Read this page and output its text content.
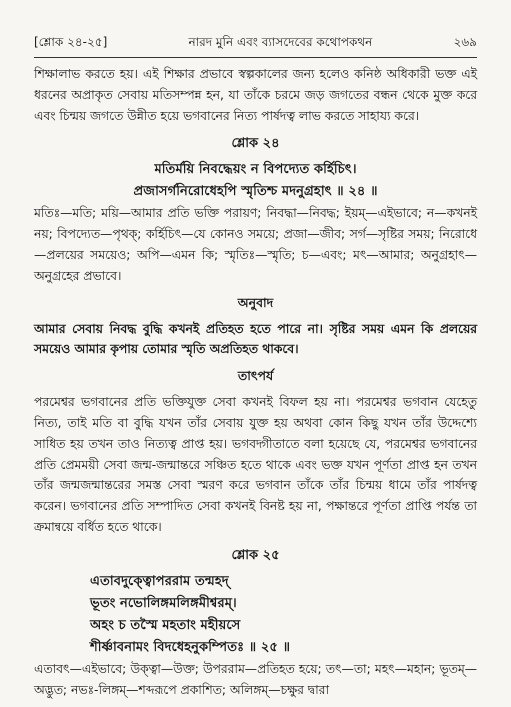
[শ্লোক ২৪-২৫]	নারদ মুনি এবং ব্যাসদেবের কথোপকথন	২৬৯

শিক্ষালাভ করতে হয়। এই শিক্ষার প্রভাবে স্বল্পকালের জন্য হলেও কনিষ্ঠ অধিকারী ভক্ত এই ধরনের অপ্রাকৃত সেবায় মতিসম্পন্ন হন, যা তাঁকে চরমে জড় জগতের বন্ধন থেকে মুক্ত করে এবং চিন্ময় জগতে উন্নীত হয়ে ভগবানের নিত্য পার্ষদত্ব লাভ করতে সাহায্য করে।

শ্লোক ২৪
মতির্ময়ি নিবদ্ধেয়ং ন বিপদ্যেত কর্হিচিৎ।
প্রজাসর্গনিরোধেহপি স্মৃতিশ্চ মদনুগ্রহাৎ ॥ ২৪ ॥

মতিঃ—মতি; ময়ি—আমার প্রতি ভক্তি পরায়ণ; নিবদ্ধা—নিবদ্ধ; ইয়ম্—এইভাবে; ন—কখনই নয়; বিপদ্যেত—পৃথক্; কর্হিচিৎ—যে কোনও সময়ে; প্রজা—জীব; সর্গ—সৃষ্টির সময়; নিরোধে—প্রলয়ের সময়েও; অপি—এমন কি; স্মৃতিঃ—স্মৃতি; চ—এবং; মৎ—আমার; অনুগ্রহাৎ—অনুগ্রহের প্রভাবে।

অনুবাদ

আমার সেবায় নিবদ্ধ বুদ্ধি কখনই প্রতিহত হতে পারে না। সৃষ্টির সময় এমন কি প্রলয়ের সময়েও আমার কৃপায় তোমার স্মৃতি অপ্রতিহত থাকবে।

তাৎপর্য

পরমেশ্বর ভগবানের প্রতি ভক্তিযুক্ত সেবা কখনই বিফল হয় না। পরমেশ্বর ভগবান যেহেতু নিত্য, তাই মতি বা বুদ্ধি যখন তাঁর সেবায় যুক্ত হয় অথবা কোন কিছু যখন তাঁর উদ্দেশ্যে সাধিত হয় তখন তাও নিত্যত্ব প্রাপ্ত হয়। ভগবদ্গীতাতে বলা হয়েছে যে, পরমেশ্বর ভগবানের প্রতি প্রেমময়ী সেবা জন্ম-জন্মান্তরে সঞ্চিত হতে থাকে এবং ভক্ত যখন পূর্ণতা প্রাপ্ত হন তখন তাঁর জন্মজন্মান্তরের সমস্ত সেবা স্মরণ করে ভগবান তাঁকে তাঁর চিন্ময় ধামে তাঁর পার্ষদত্ব করেন। ভগবানের প্রতি সম্পাদিত সেবা কখনই বিনষ্ট হয় না, পক্ষান্তরে পূর্ণতা প্রাপ্তি পর্যন্ত তা ক্রমান্বয়ে বর্ধিত হতে থাকে।

শ্লোক ২৫
এতাবদুক্ত্বোপররাম তন্মহদ্
ভূতং নভোলিঙ্গমলিঙ্গমীশ্বরম্।
অহং চ তস্মৈ মহতাং মহীয়সে
শীর্ষ্ণাবনামং বিদধেহনুকম্পিতঃ ॥ ২৫ ॥

এতাবৎ—এইভাবে; উক্ত্বা—উক্ত; উপররাম—প্রতিহত হয়ে; তৎ—তা; মহৎ—মহান; ভূতম্—অদ্ভুত; নভঃ-লিঙ্গম্—শব্দরূপে প্রকাশিত; অলিঙ্গম্—চক্ষুর দ্বারা
